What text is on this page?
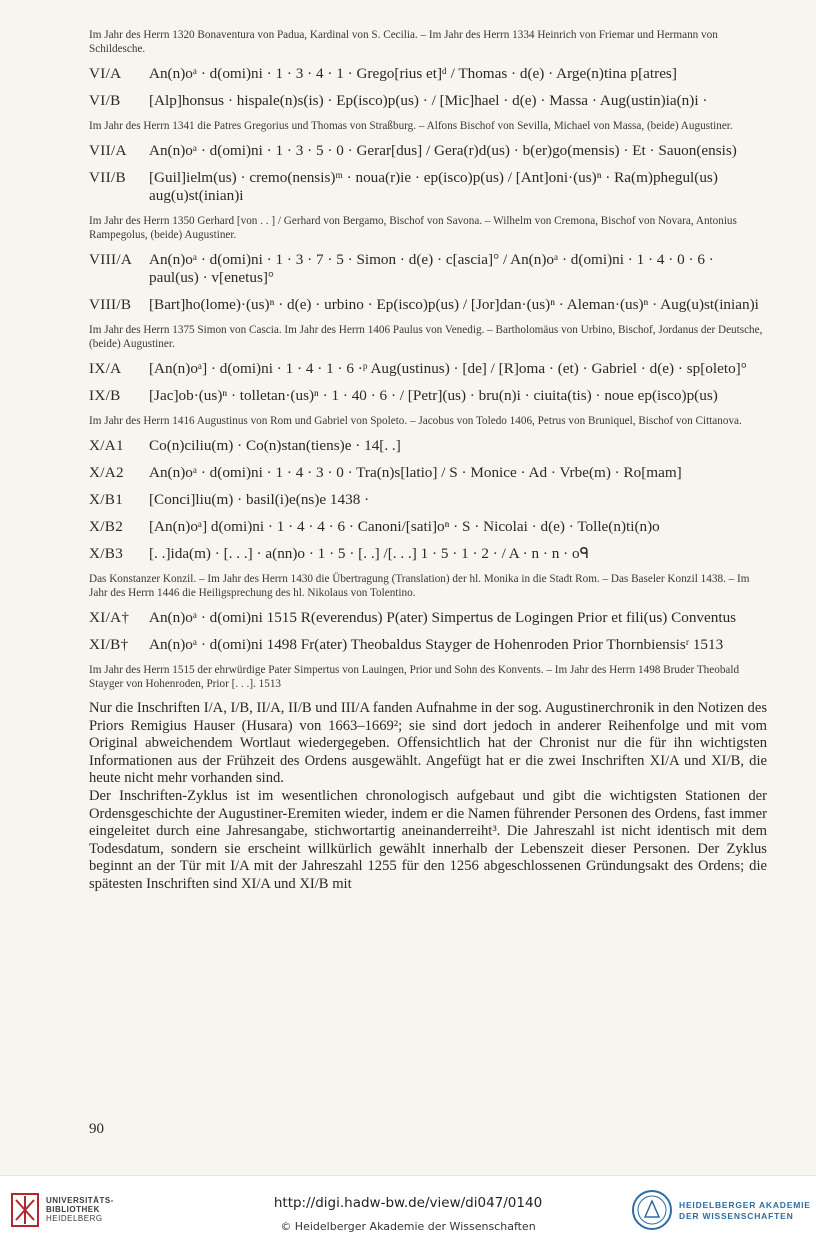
Im Jahr des Herrn 1320 Bonaventura von Padua, Kardinal von S. Cecilia. – Im Jahr des Herrn 1334 Heinrich von Friemar und Hermann von Schildesche.
VI/A	An(n)oᵃ · d(omi)ni · 1 · 3 · 4 · 1 · Grego[rius et]ᵈ / Thomas · d(e) · Arge(n)tina p[atres]
VI/B	[Alp]honsus · hispale(n)s(is) · Ep(isco)p(us) · / [Mic]hael · d(e) · Massa · Aug(ustin)ia(n)i ·
Im Jahr des Herrn 1341 die Patres Gregorius und Thomas von Straßburg. – Alfons Bischof von Sevilla, Michael von Massa, (beide) Augustiner.
VII/A	An(n)oᵃ · d(omi)ni · 1 · 3 · 5 · 0 · Gerar[dus] / Gera(r)d(us) · b(er)go(mensis) · Et · Sauon(ensis)
VII/B	[Guil]ielm(us) · cremo(nensis)ᵐ · noua(r)ie · ep(isco)p(us) / [Ant]oni·(us)ⁿ · Ra(m)phegul(us) aug(u)st(inian)i
Im Jahr des Herrn 1350 Gerhard [von . . ] / Gerhard von Bergamo, Bischof von Savona. – Wilhelm von Cremona, Bischof von Novara, Antonius Rampegolus, (beide) Augustiner.
VIII/A	An(n)oᵃ · d(omi)ni · 1 · 3 · 7 · 5 · Simon · d(e) · c[ascia]° / An(n)oᵃ · d(omi)ni · 1 · 4 · 0 · 6 · paul(us) · v[enetus]°
VIII/B	[Bart]ho(lome)·(us)ⁿ · d(e) · urbino · Ep(isco)p(us) / [Jor]dan·(us)ⁿ · Aleman·(us)ⁿ · Aug(u)st(inian)i
Im Jahr des Herrn 1375 Simon von Cascia. Im Jahr des Herrn 1406 Paulus von Venedig. – Bartholomäus von Urbino, Bischof, Jordanus der Deutsche, (beide) Augustiner.
IX/A	[An(n)oᵃ] · d(omi)ni · 1 · 4 · 1 · 6 ·ᵖ Aug(ustinus) · [de] / [R]oma · (et) · Gabriel · d(e) · sp[oleto]°
IX/B	[Jac]ob·(us)ⁿ · tolletan·(us)ⁿ · 1 · 40 · 6 · / [Petr](us) · bru(n)i · ciuita(tis) · noue ep(isco)p(us)
Im Jahr des Herrn 1416 Augustinus von Rom und Gabriel von Spoleto. – Jacobus von Toledo 1406, Petrus von Bruniquel, Bischof von Cittanova.
X/A1	Co(n)ciliu(m) · Co(n)stan(tiens)e · 14[. .]
X/A2	An(n)oᵃ · d(omi)ni · 1 · 4 · 3 · 0 · Tra(n)s[latio] / S · Monice · Ad · Vrbe(m) · Ro[mam]
X/B1	[Conci]liu(m) · basil(i)e(ns)e 1438 ·
X/B2	[An(n)oᵃ] d(omi)ni · 1 · 4 · 4 · 6 · Canoni/[sati]oⁿ · S · Nicolai · d(e) · Tolle(n)ti(n)o
X/B3	[. .]ida(m) · [. . .] · a(nn)o · 1 · 5 · [. .] /[. . .] 1 · 5 · 1 · 2 · / A · n · n · oᑫ
Das Konstanzer Konzil. – Im Jahr des Herrn 1430 die Übertragung (Translation) der hl. Monika in die Stadt Rom. – Das Baseler Konzil 1438. – Im Jahr des Herrn 1446 die Heiligsprechung des hl. Nikolaus von Tolentino.
XI/A†	An(n)oᵃ · d(omi)ni 1515 R(everendus) P(ater) Simpertus de Logingen Prior et fili(us) Conventus
XI/B†	An(n)oᵃ · d(omi)ni 1498 Fr(ater) Theobaldus Stayger de Hohenroden Prior Thornbiensisʳ 1513
Im Jahr des Herrn 1515 der ehrwürdige Pater Simpertus von Lauingen, Prior und Sohn des Konvents. – Im Jahr des Herrn 1498 Bruder Theobald Stayger von Hohenroden, Prior [. . .]. 1513

Nur die Inschriften I/A, I/B, II/A, II/B und III/A fanden Aufnahme in der sog. Augustinerchronik in den Notizen des Priors Remigius Hauser (Husara) von 1663–1669²; sie sind dort jedoch in anderer Reihenfolge und mit vom Original abweichendem Wortlaut wiedergegeben. Offensichtlich hat der Chronist nur die für ihn wichtigsten Informationen aus der Frühzeit des Ordens ausgewählt. Angefügt hat er die zwei Inschriften XI/A und XI/B, die heute nicht mehr vorhanden sind.

Der Inschriften-Zyklus ist im wesentlichen chronologisch aufgebaut und gibt die wichtigsten Stationen der Ordensgeschichte der Augustiner-Eremiten wieder, indem er die Namen führender Personen des Ordens, fast immer eingeleitet durch eine Jahresangabe, stichwortartig aneinanderreiht³. Die Jahreszahl ist nicht identisch mit dem Todesdatum, sondern sie erscheint willkürlich gewählt innerhalb der Lebenszeit dieser Personen. Der Zyklus beginnt an der Tür mit I/A mit der Jahreszahl 1255 für den 1256 abgeschlossenen Gründungsakt des Ordens; die spätesten Inschriften sind XI/A und XI/B mit

90
UNIVERSITÄTS-
BIBLIOTHEK
HEIDELBERG
http://digi.hadw-bw.de/view/di047/0140
© Heidelberger Akademie der Wissenschaften
HEIDELBERGER AKADEMIE
DER WISSENSCHAFTEN
